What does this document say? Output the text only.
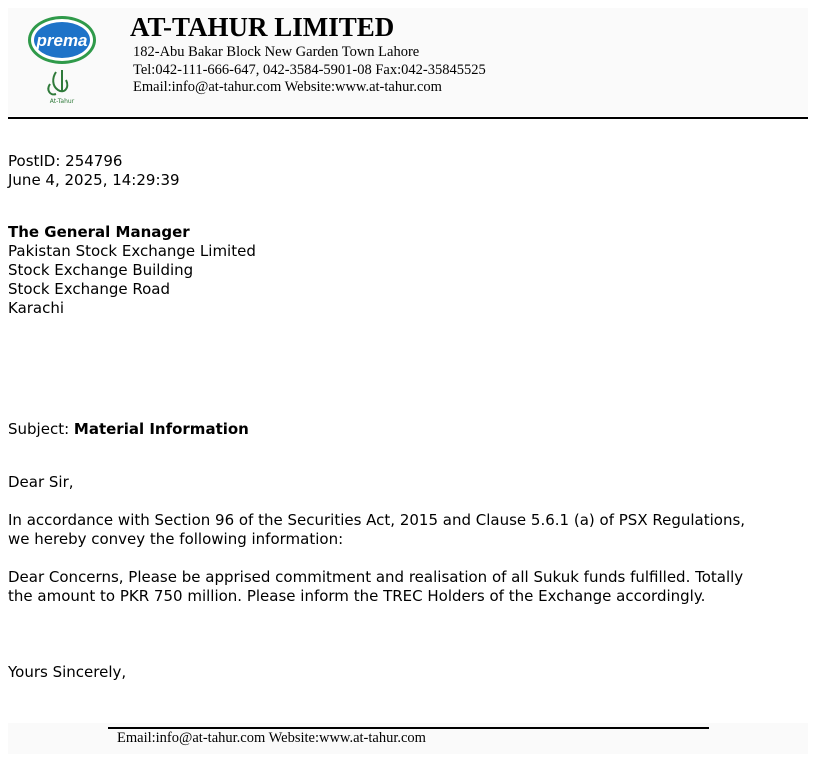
prema
At-Tahur
AT-TAHUR LIMITED
182-Abu Bakar Block New Garden Town Lahore
Tel:042-111-666-647, 042-3584-5901-08 Fax:042-35845525
Email:info@at-tahur.com Website:www.at-tahur.com
PostID: 254796
June 4, 2025, 14:29:39
The General Manager
Pakistan Stock Exchange Limited
Stock Exchange Building
Stock Exchange Road
Karachi
Subject: Material Information
Dear Sir,
In accordance with Section 96 of the Securities Act, 2015 and Clause 5.6.1 (a) of PSX Regulations,
we hereby convey the following information:
Dear Concerns, Please be apprised commitment and realisation of all Sukuk funds fulfilled. Totally
the amount to PKR 750 million. Please inform the TREC Holders of the Exchange accordingly.
Yours Sincerely,
Email:info@at-tahur.com Website:www.at-tahur.com
